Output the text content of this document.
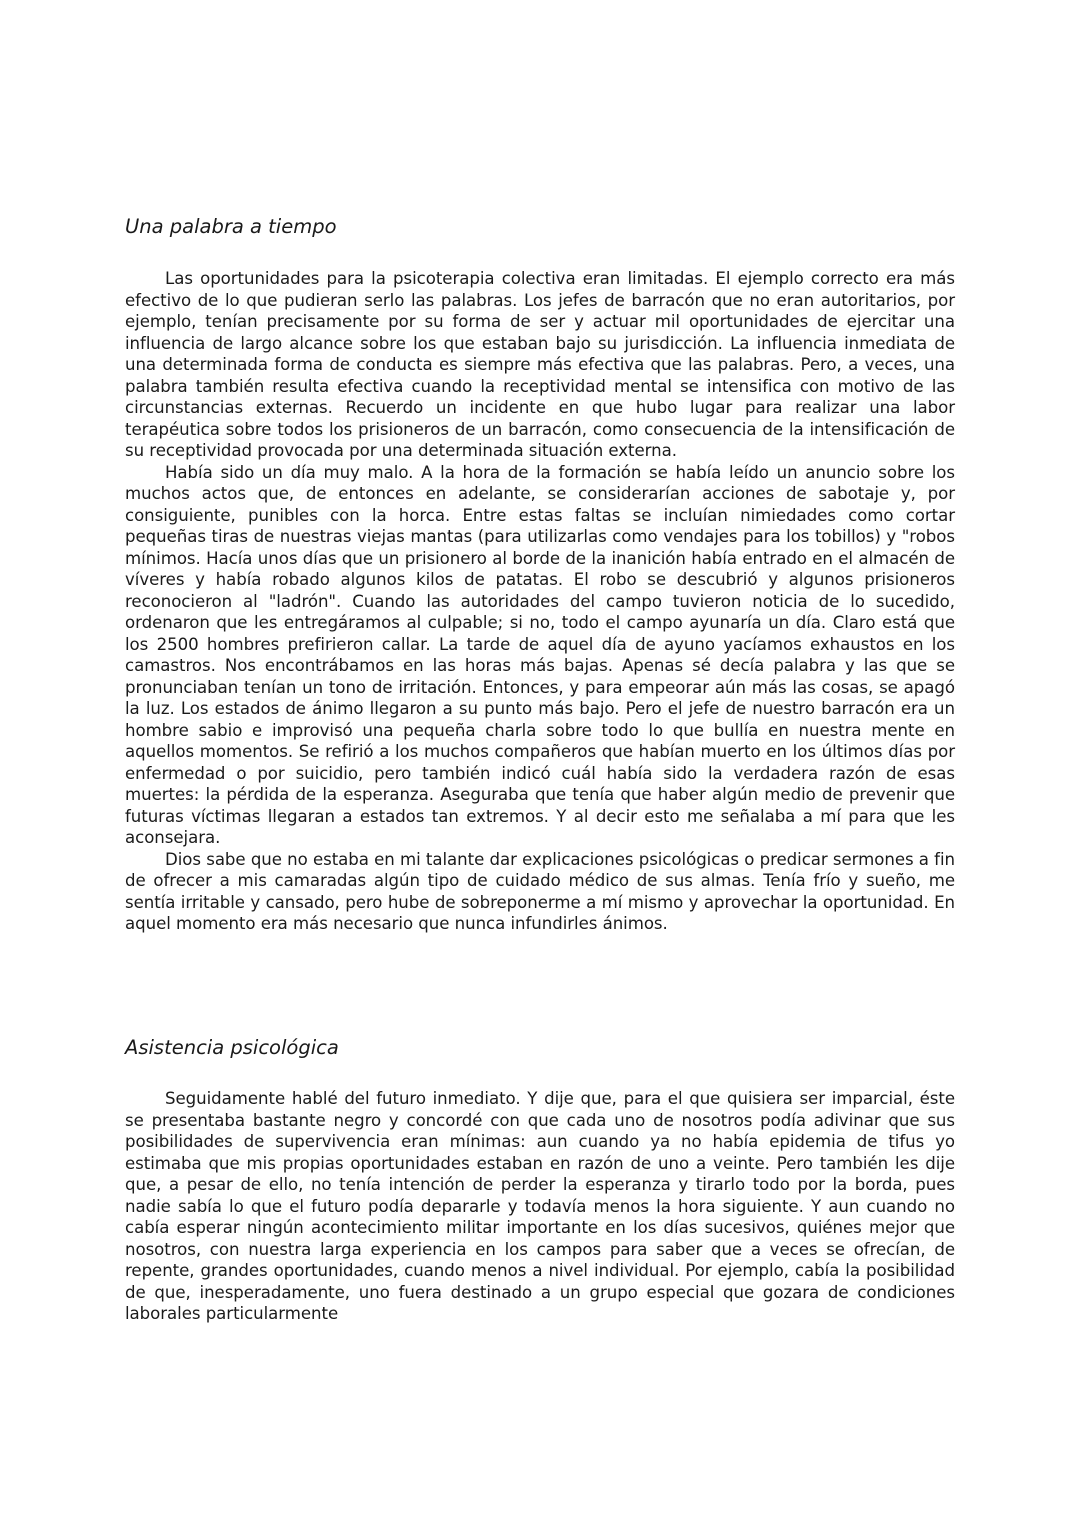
Una palabra a tiempo

Las oportunidades para la psicoterapia colectiva eran limitadas. El ejemplo correcto era más efectivo de lo que pudieran serlo las palabras. Los jefes de barracón que no eran autoritarios, por ejemplo, tenían precisamente por su forma de ser y actuar mil oportunidades de ejercitar una influencia de largo alcance sobre los que estaban bajo su jurisdicción. La influencia inmediata de una determinada forma de conducta es siempre más efectiva que las palabras. Pero, a veces, una palabra también resulta efectiva cuando la receptividad mental se intensifica con motivo de las circunstancias externas. Recuerdo un incidente en que hubo lugar para realizar una labor terapéutica sobre todos los prisioneros de un barracón, como consecuencia de la intensificación de su receptividad provocada por una determinada situación externa.

Había sido un día muy malo. A la hora de la formación se había leído un anuncio sobre los muchos actos que, de entonces en adelante, se considerarían acciones de sabotaje y, por consiguiente, punibles con la horca. Entre estas faltas se incluían nimiedades como cortar pequeñas tiras de nuestras viejas mantas (para utilizarlas como vendajes para los tobillos) y "robos mínimos. Hacía unos días que un prisionero al borde de la inanición había entrado en el almacén de víveres y había robado algunos kilos de patatas. El robo se descubrió y algunos prisioneros reconocieron al "ladrón". Cuando las autoridades del campo tuvieron noticia de lo sucedido, ordenaron que les entregáramos al culpable; si no, todo el campo ayunaría un día. Claro está que los 2500 hombres prefirieron callar. La tarde de aquel día de ayuno yacíamos exhaustos en los camastros. Nos encontrábamos en las horas más bajas. Apenas sé decía palabra y las que se pronunciaban tenían un tono de irritación. Entonces, y para empeorar aún más las cosas, se apagó la luz. Los estados de ánimo llegaron a su punto más bajo. Pero el jefe de nuestro barracón era un hombre sabio e improvisó una pequeña charla sobre todo lo que bullía en nuestra mente en aquellos momentos. Se refirió a los muchos compañeros que habían muerto en los últimos días por enfermedad o por suicidio, pero también indicó cuál había sido la verdadera razón de esas muertes: la pérdida de la esperanza. Aseguraba que tenía que haber algún medio de prevenir que futuras víctimas llegaran a estados tan extremos. Y al decir esto me señalaba a mí para que les aconsejara.

Dios sabe que no estaba en mi talante dar explicaciones psicológicas o predicar sermones a fin de ofrecer a mis camaradas algún tipo de cuidado médico de sus almas. Tenía frío y sueño, me sentía irritable y cansado, pero hube de sobreponerme a mí mismo y aprovechar la oportunidad. En aquel momento era más necesario que nunca infundirles ánimos.

Asistencia psicológica

Seguidamente hablé del futuro inmediato. Y dije que, para el que quisiera ser imparcial, éste se presentaba bastante negro y concordé con que cada uno de nosotros podía adivinar que sus posibilidades de supervivencia eran mínimas: aun cuando ya no había epidemia de tifus yo estimaba que mis propias oportunidades estaban en razón de uno a veinte. Pero también les dije que, a pesar de ello, no tenía intención de perder la esperanza y tirarlo todo por la borda, pues nadie sabía lo que el futuro podía depararle y todavía menos la hora siguiente. Y aun cuando no cabía esperar ningún acontecimiento militar importante en los días sucesivos, quiénes mejor que nosotros, con nuestra larga experiencia en los campos para saber que a veces se ofrecían, de repente, grandes oportunidades, cuando menos a nivel individual. Por ejemplo, cabía la posibilidad de que, inesperadamente, uno fuera destinado a un grupo especial que gozara de condiciones laborales particularmente
